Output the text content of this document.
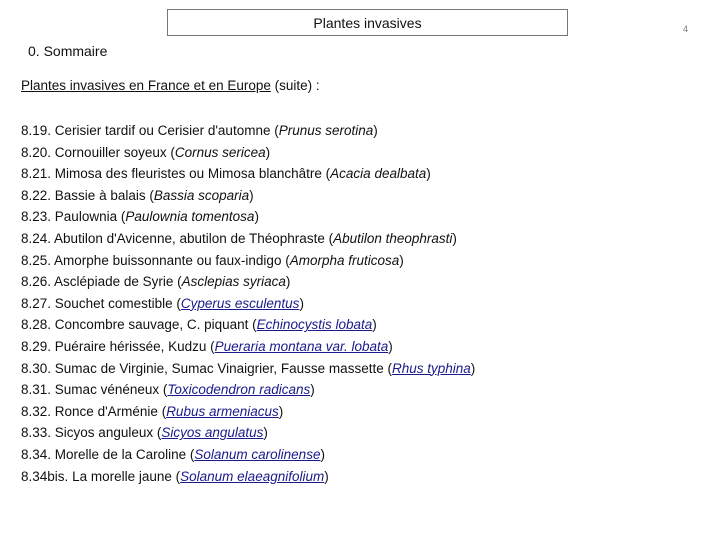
Plantes invasives	4
0. Sommaire
Plantes invasives en France et en Europe (suite) :
8.19. Cerisier tardif ou Cerisier d'automne (Prunus serotina)
8.20. Cornouiller soyeux (Cornus sericea)
8.21. Mimosa des fleuristes ou Mimosa blanchâtre (Acacia dealbata)
8.22. Bassie à balais (Bassia scoparia)
8.23. Paulownia (Paulownia tomentosa)
8.24. Abutilon d'Avicenne, abutilon de Théophraste (Abutilon theophrasti)
8.25. Amorphe buissonnante ou faux-indigo (Amorpha fruticosa)
8.26. Asclépiade de Syrie (Asclepias syriaca)
8.27. Souchet comestible (Cyperus esculentus)
8.28. Concombre sauvage, C. piquant (Echinocystis lobata)
8.29. Puéraire hérissée, Kudzu (Pueraria montana var. lobata)
8.30. Sumac de Virginie, Sumac Vinaigrier, Fausse massette (Rhus typhina)
8.31. Sumac vénéneux (Toxicodendron radicans)
8.32. Ronce d'Arménie (Rubus armeniacus)
8.33. Sicyos anguleux (Sicyos angulatus)
8.34. Morelle de la Caroline (Solanum carolinense)
8.34bis. La morelle jaune (Solanum elaeagnifolium)
